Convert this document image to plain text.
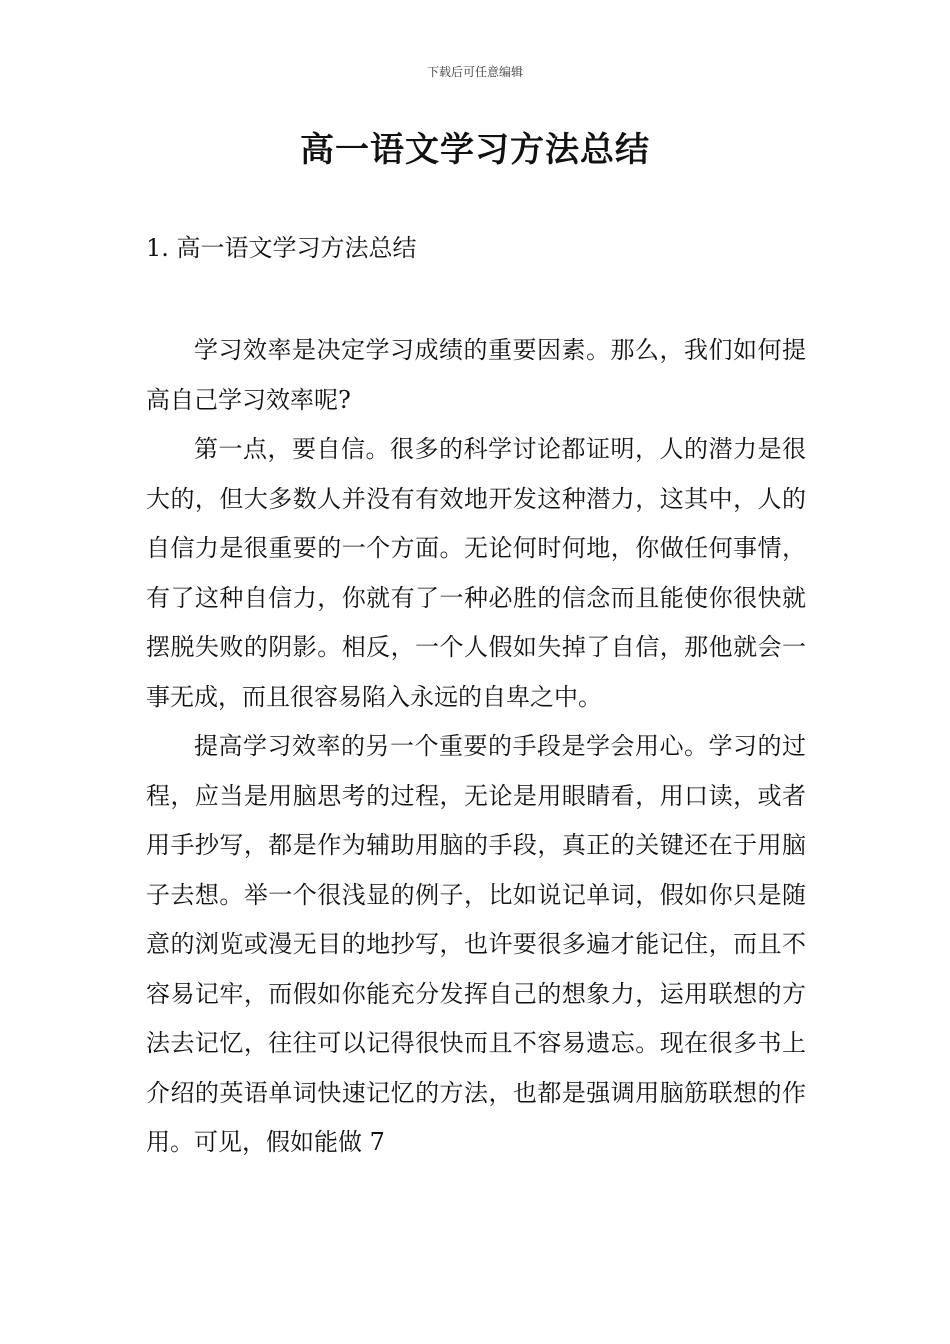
下载后可任意编辑
高一语文学习方法总结
1. 高一语文学习方法总结

学习效率是决定学习成绩的重要因素。那么，我们如何提高自己学习效率呢?

第一点，要自信。很多的科学讨论都证明，人的潜力是很大的，但大多数人并没有有效地开发这种潜力，这其中，人的自信力是很重要的一个方面。无论何时何地，你做任何事情，有了这种自信力，你就有了一种必胜的信念而且能使你很快就摆脱失败的阴影。相反，一个人假如失掉了自信，那他就会一事无成，而且很容易陷入永远的自卑之中。

提高学习效率的另一个重要的手段是学会用心。学习的过程，应当是用脑思考的过程，无论是用眼睛看，用口读，或者用手抄写，都是作为辅助用脑的手段，真正的关键还在于用脑子去想。举一个很浅显的例子，比如说记单词，假如你只是随意的浏览或漫无目的地抄写，也许要很多遍才能记住，而且不容易记牢，而假如你能充分发挥自己的想象力，运用联想的方法去记忆，往往可以记得很快而且不容易遗忘。现在很多书上介绍的英语单词快速记忆的方法，也都是强调用脑筋联想的作用。可见，假如能做 7
